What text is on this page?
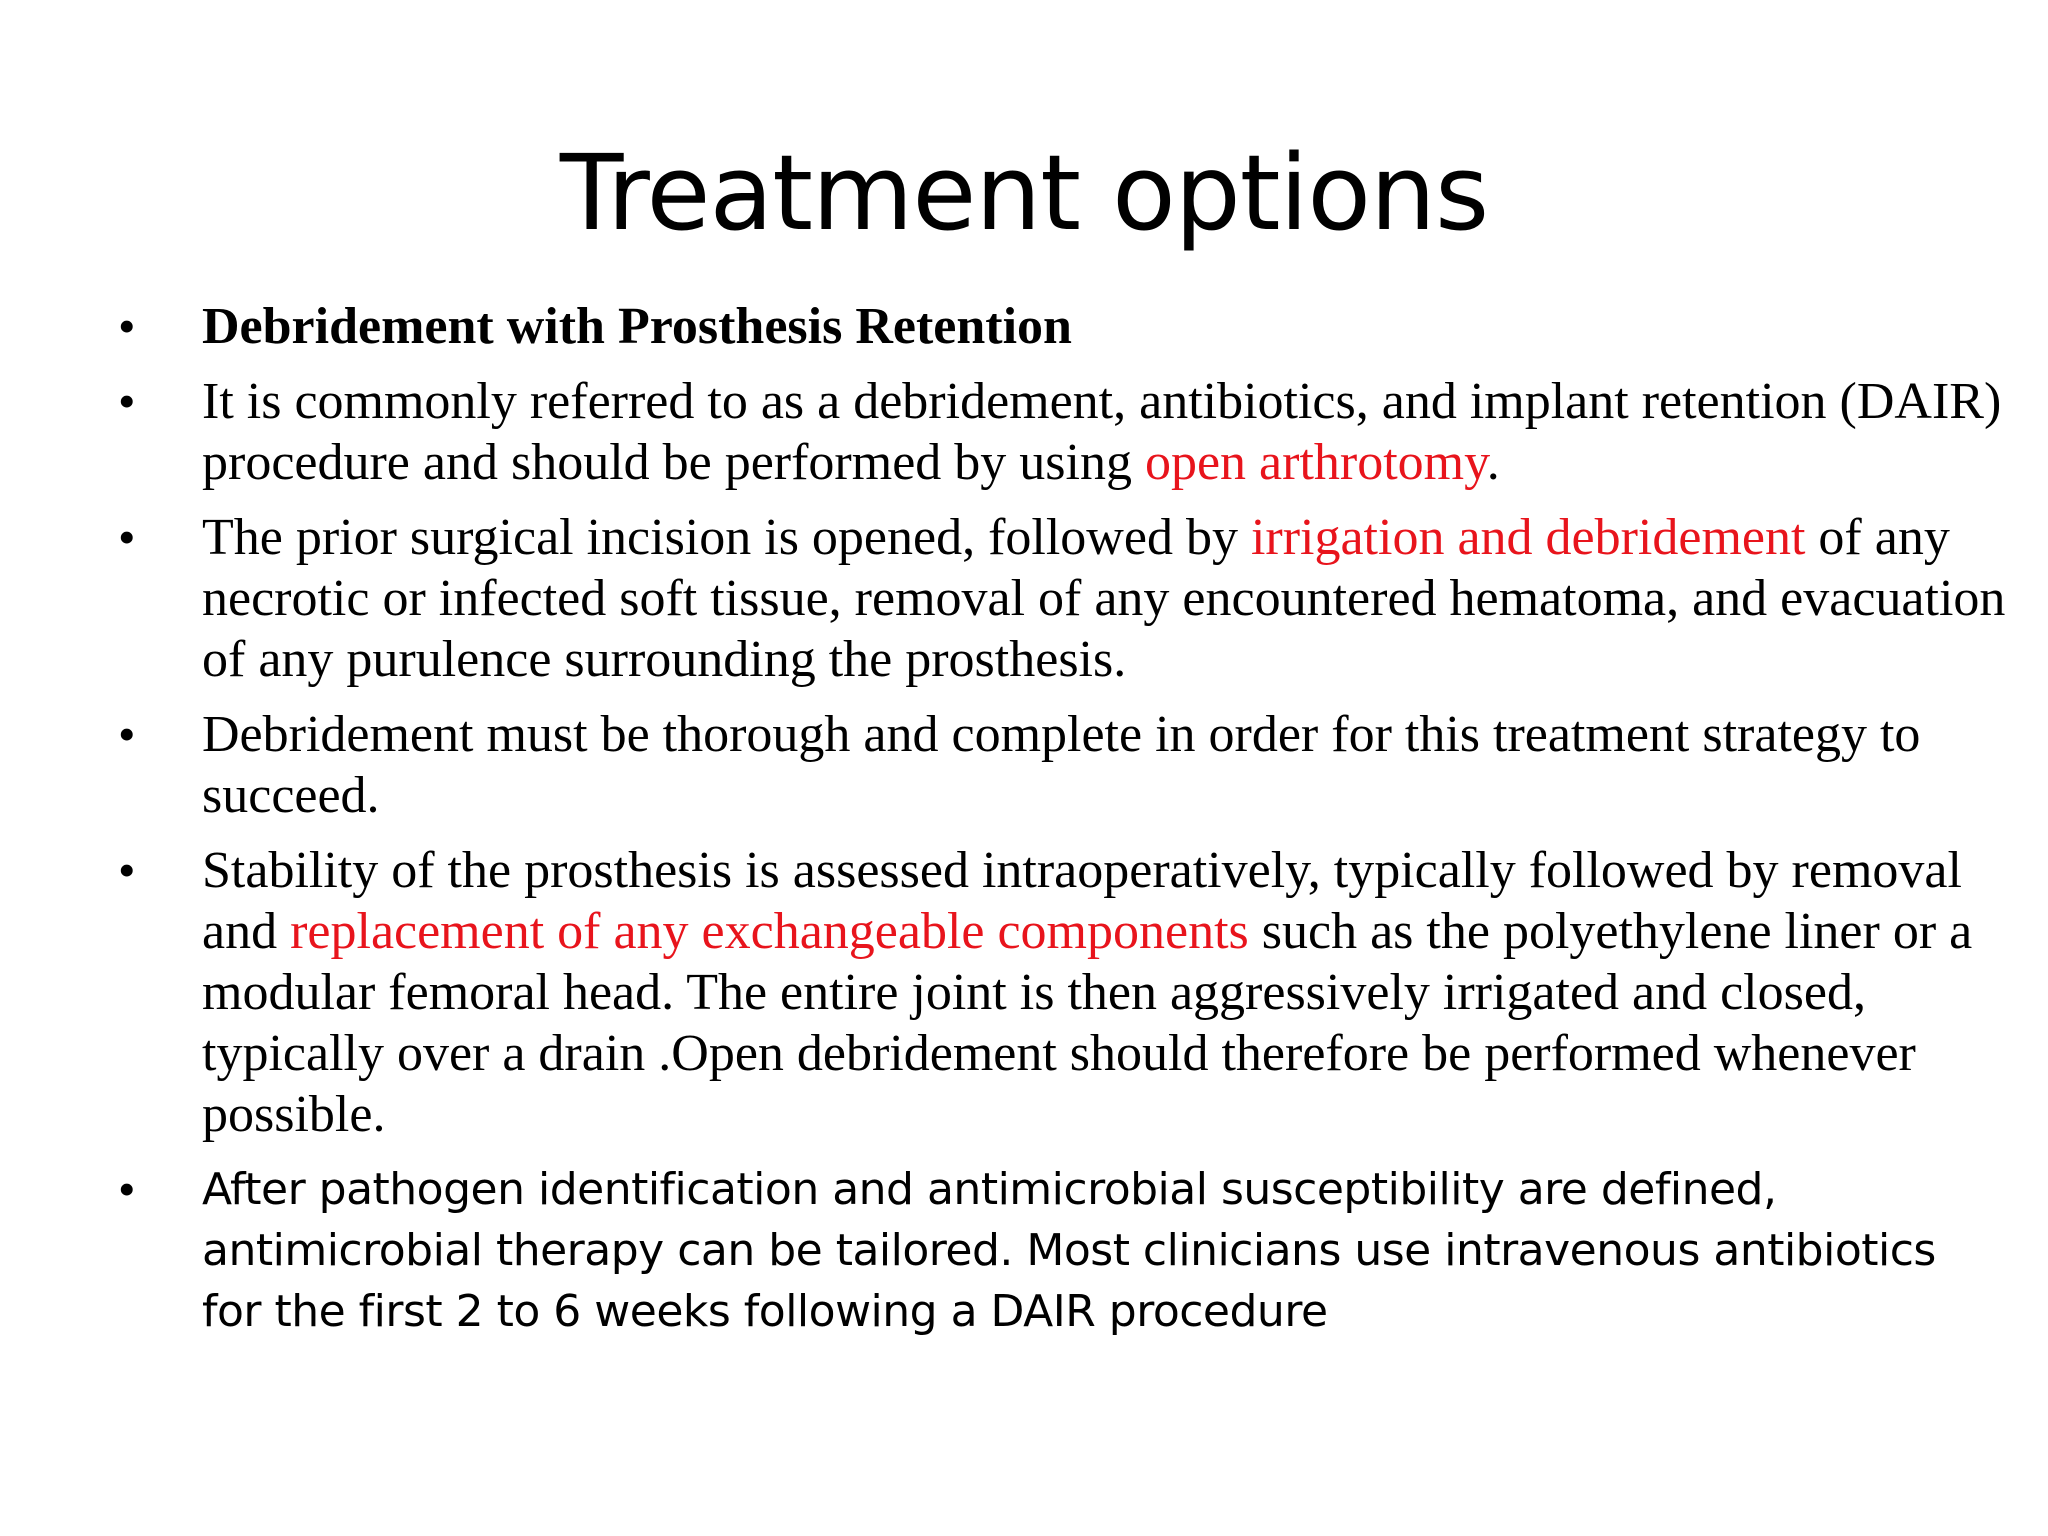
Treatment options
• Debridement with Prosthesis Retention
• It is commonly referred to as a debridement, antibiotics, and implant retention (DAIR) procedure and should be performed by using open arthrotomy.
• The prior surgical incision is opened, followed by irrigation and debridement of any necrotic or infected soft tissue, removal of any encountered hematoma, and evacuation of any purulence surrounding the prosthesis.
• Debridement must be thorough and complete in order for this treatment strategy to succeed.
• Stability of the prosthesis is assessed intraoperatively, typically followed by removal and replacement of any exchangeable components such as the polyethylene liner or a modular femoral head. The entire joint is then aggressively irrigated and closed, typically over a drain .Open debridement should therefore be performed whenever possible.
• After pathogen identification and antimicrobial susceptibility are defined, antimicrobial therapy can be tailored. Most clinicians use intravenous antibiotics for the first 2 to 6 weeks following a DAIR procedure
